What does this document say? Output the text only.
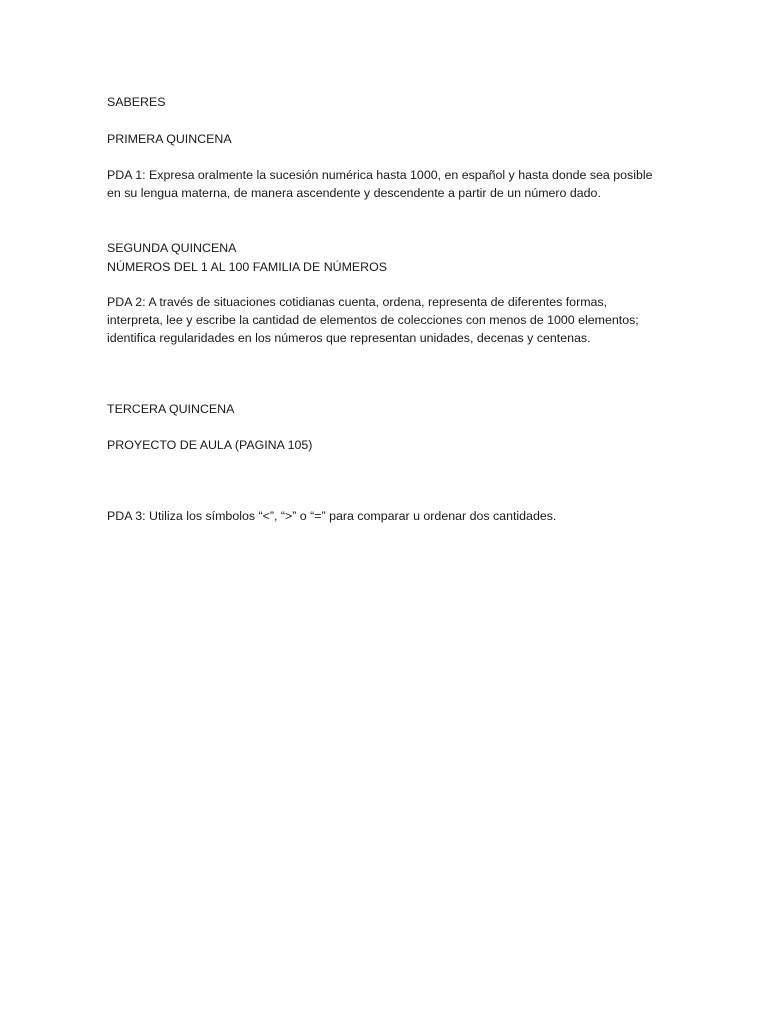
SABERES

PRIMERA QUINCENA

PDA 1: Expresa oralmente la sucesión numérica hasta 1000, en español y hasta donde sea posible

en su lengua materna, de manera ascendente y descendente a partir de un número dado.

SEGUNDA QUINCENA

NÚMEROS DEL 1 AL 100 FAMILIA DE NÚMEROS

PDA 2: A través de situaciones cotidianas cuenta, ordena, representa de diferentes formas,

interpreta, lee y escribe la cantidad de elementos de colecciones con menos de 1000 elementos;

identifica regularidades en los números que representan unidades, decenas y centenas.

TERCERA QUINCENA

PROYECTO DE AULA (PAGINA 105)

PDA 3: Utiliza los símbolos “<”, “>” o “=” para comparar u ordenar dos cantidades.
